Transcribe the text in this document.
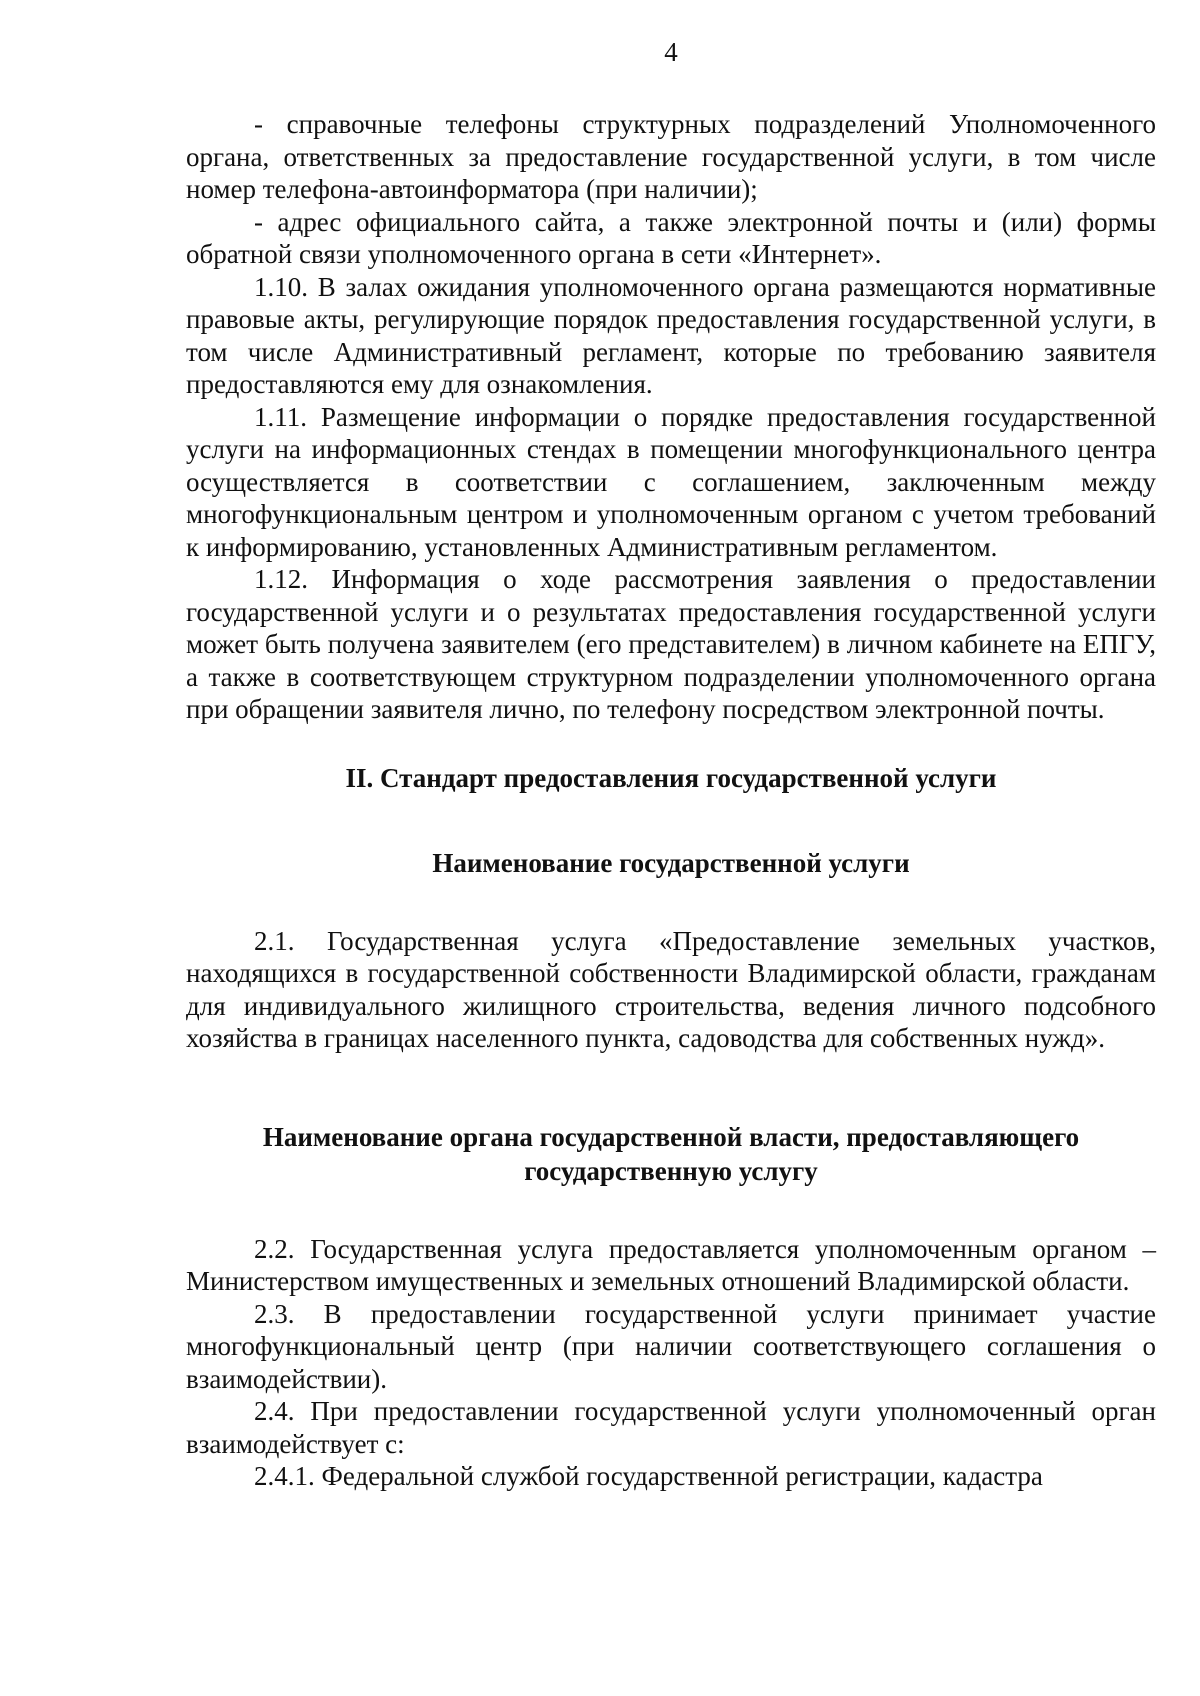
4

- справочные телефоны структурных подразделений Уполномоченного органа, ответственных за предоставление государственной услуги, в том числе номер телефона-автоинформатора (при наличии);

- адрес официального сайта, а также электронной почты и (или) формы обратной связи уполномоченного органа в сети «Интернет».

1.10. В залах ожидания уполномоченного органа размещаются нормативные правовые акты, регулирующие порядок предоставления государственной услуги, в том числе Административный регламент, которые по требованию заявителя предоставляются ему для ознакомления.

1.11. Размещение информации о порядке предоставления государственной услуги на информационных стендах в помещении многофункционального центра осуществляется в соответствии с соглашением, заключенным между многофункциональным центром и уполномоченным органом с учетом требований к информированию, установленных Административным регламентом.

1.12. Информация о ходе рассмотрения заявления о предоставлении государственной услуги и о результатах предоставления государственной услуги может быть получена заявителем (его представителем) в личном кабинете на ЕПГУ, а также в соответствующем структурном подразделении уполномоченного органа при обращении заявителя лично, по телефону посредством электронной почты.

II. Стандарт предоставления государственной услуги
Наименование государственной услуги

2.1. Государственная услуга «Предоставление земельных участков, находящихся в государственной собственности Владимирской области, гражданам для индивидуального жилищного строительства, ведения личного подсобного хозяйства в границах населенного пункта, садоводства для собственных нужд».

Наименование органа государственной власти, предоставляющего
государственную услугу

2.2. Государственная услуга предоставляется уполномоченным органом – Министерством имущественных и земельных отношений Владимирской области.

2.3. В предоставлении государственной услуги принимает участие многофункциональный центр (при наличии соответствующего соглашения о взаимодействии).

2.4. При предоставлении государственной услуги уполномоченный орган взаимодействует с:

2.4.1. Федеральной службой государственной регистрации, кадастра
